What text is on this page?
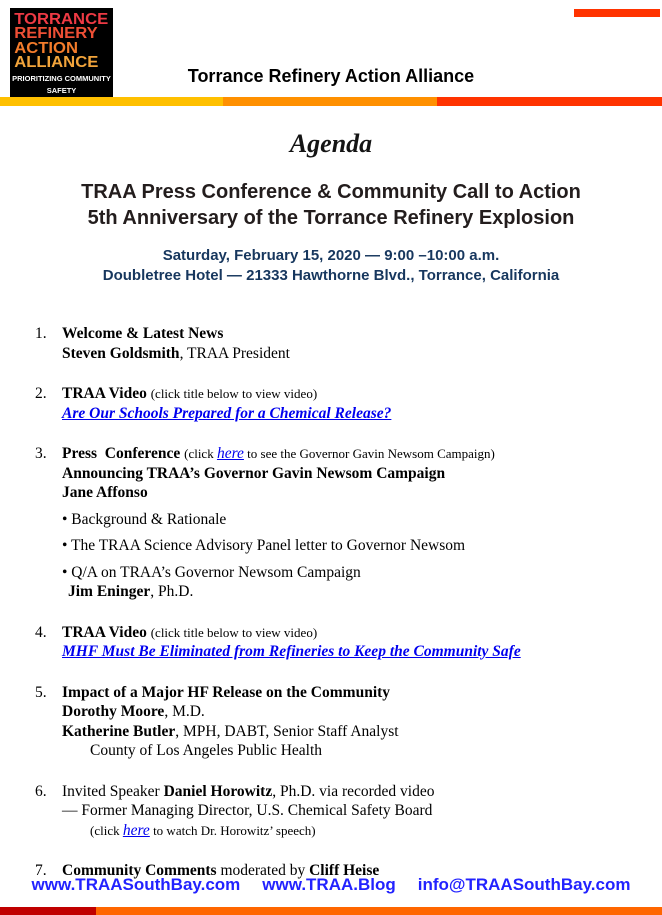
TORRANCE
REFINERY
ACTION
ALLIANCE
PRIORITIZING COMMUNITY
SAFETY
Torrance Refinery Action Alliance
Agenda
TRAA Press Conference & Community Call to Action
5th Anniversary of the Torrance Refinery Explosion
Saturday, February 15, 2020 — 9:00 –10:00 a.m.
Doubletree Hotel — 21333 Hawthorne Blvd., Torrance, California
1. Welcome & Latest News
Steven Goldsmith, TRAA President
2. TRAA Video (click title below to view video)
Are Our Schools Prepared for a Chemical Release?
3. Press  Conference (click here to see the Governor Gavin Newsom Campaign)
Announcing TRAA’s Governor Gavin Newsom Campaign
Jane Affonso
• Background & Rationale
• The TRAA Science Advisory Panel letter to Governor Newsom
• Q/A on TRAA’s Governor Newsom Campaign
Jim Eninger, Ph.D.
4. TRAA Video (click title below to view video)
MHF Must Be Eliminated from Refineries to Keep the Community Safe
5. Impact of a Major HF Release on the Community
Dorothy Moore, M.D.
Katherine Butler, MPH, DABT, Senior Staff Analyst
County of Los Angeles Public Health
6. Invited Speaker Daniel Horowitz, Ph.D. via recorded video
— Former Managing Director, U.S. Chemical Safety Board
(click here to watch Dr. Horowitz’ speech)
7. Community Comments moderated by Cliff Heise
www.TRAASouthBay.com www.TRAA.Blog info@TRAASouthBay.com
